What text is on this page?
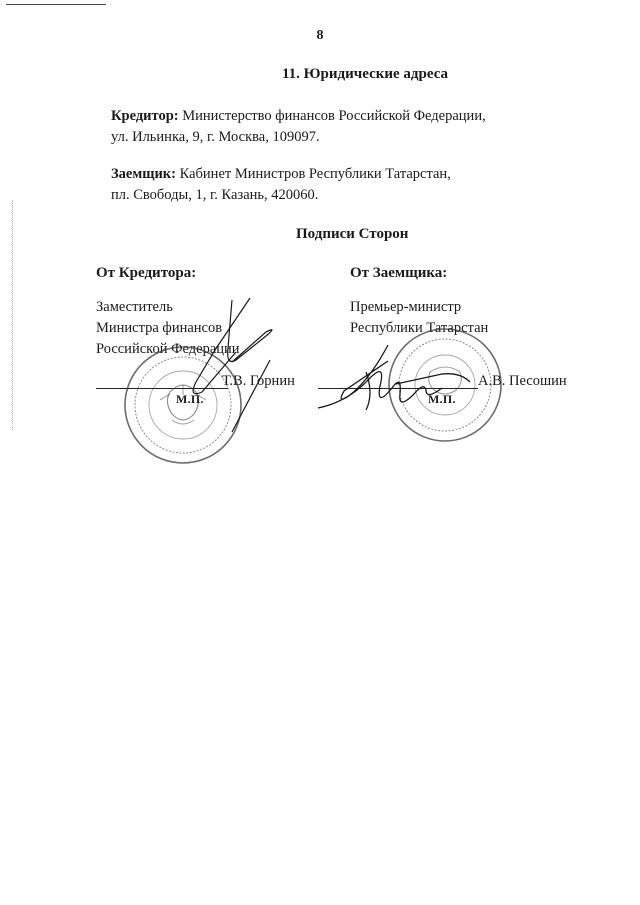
8
11. Юридические адреса
Кредитор: Министерство финансов Российской Федерации,
ул. Ильинка, 9, г. Москва, 109097.
Заемщик: Кабинет Министров Республики Татарстан,
пл. Свободы, 1, г. Казань, 420060.
Подписи Сторон
От Кредитора:
Заместитель
Министра финансов
Российской Федерации
Т.В. Горнин
М.П.
От Заемщика:
Премьер-министр
Республики Татарстан
А.В. Песошин
М.П.
